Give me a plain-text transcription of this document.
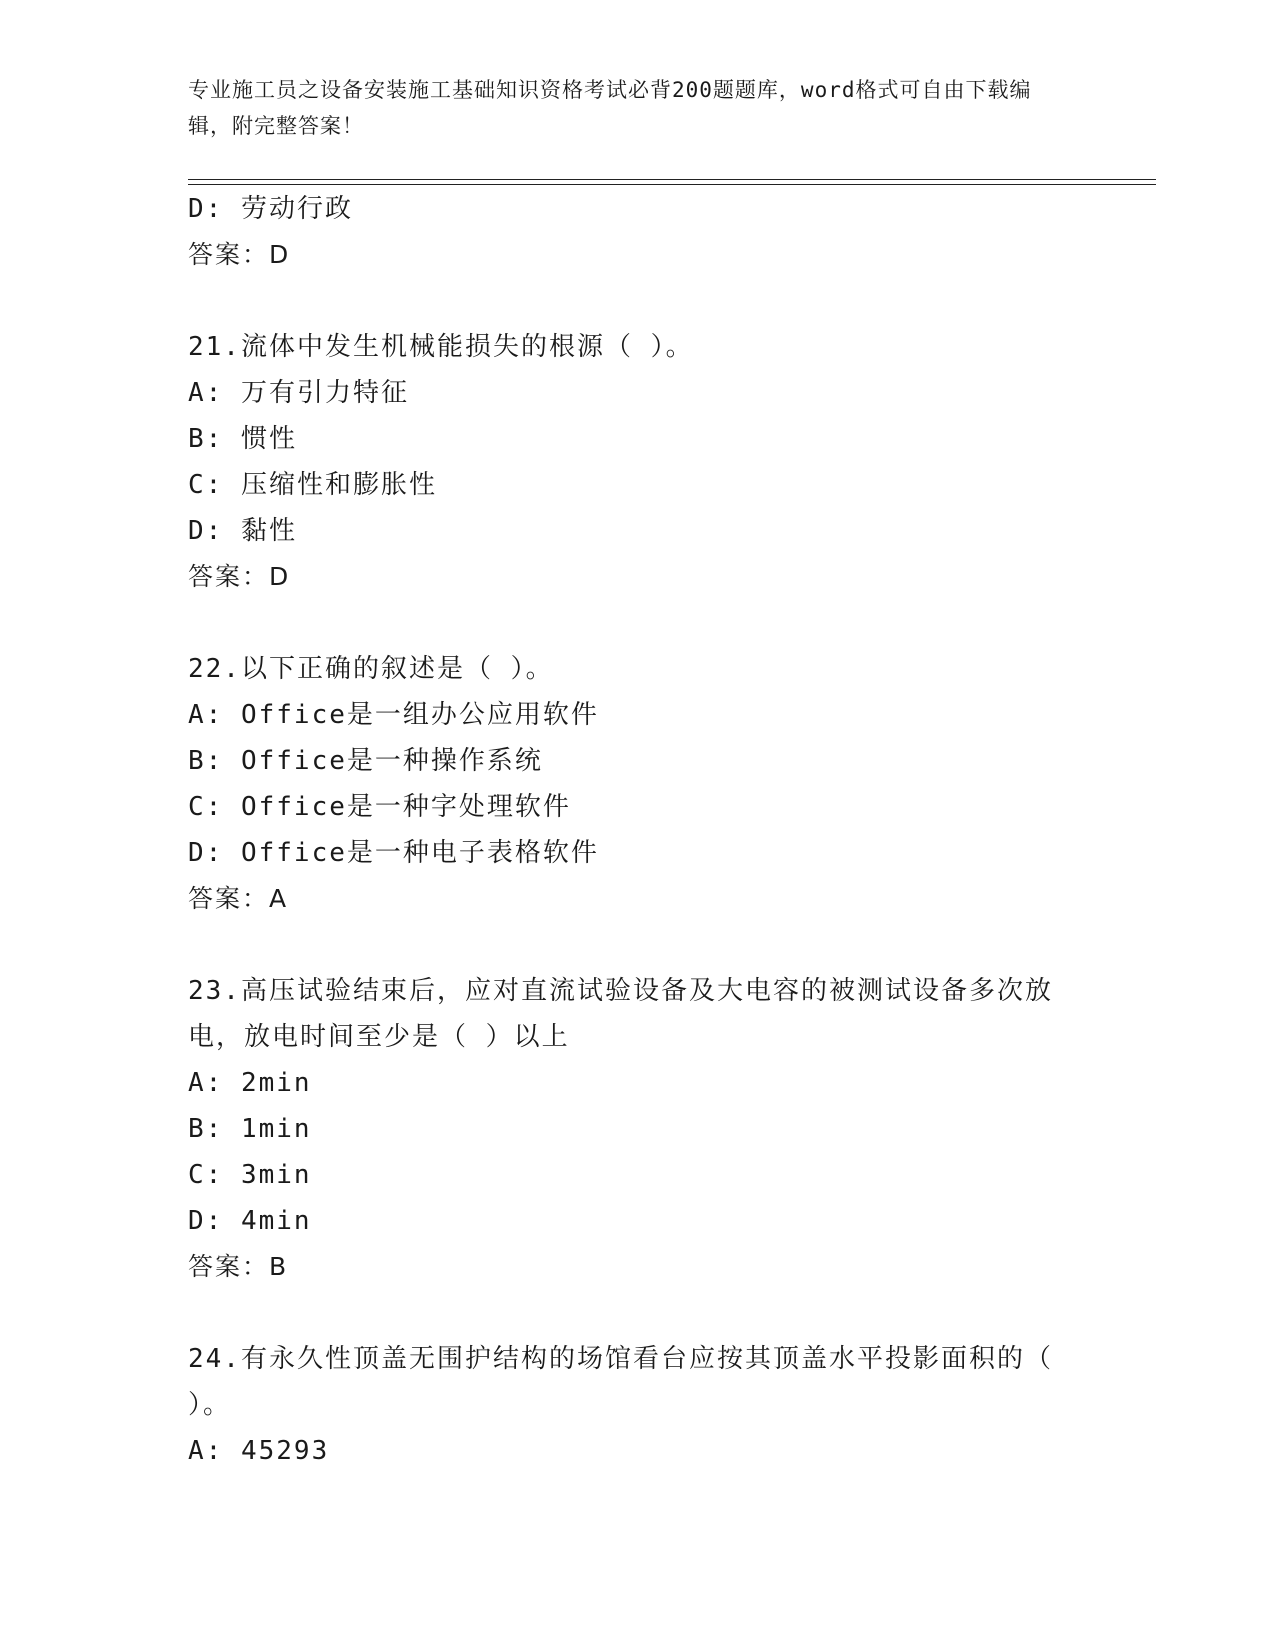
专业施工员之设备安装施工基础知识资格考试必背200题题库，word格式可自由下载编辑，附完整答案！
D: 劳动行政
答案：D
21.流体中发生机械能损失的根源（ ）。
A: 万有引力特征
B: 惯性
C: 压缩性和膨胀性
D: 黏性
答案：D
22.以下正确的叙述是（ ）。
A: Office是一组办公应用软件
B: Office是一种操作系统
C: Office是一种字处理软件
D: Office是一种电子表格软件
答案：A
23.高压试验结束后，应对直流试验设备及大电容的被测试设备多次放电，放电时间至少是（ ）以上
A: 2min
B: 1min
C: 3min
D: 4min
答案：B
24.有永久性顶盖无围护结构的场馆看台应按其顶盖水平投影面积的（ ）。
A: 45293
